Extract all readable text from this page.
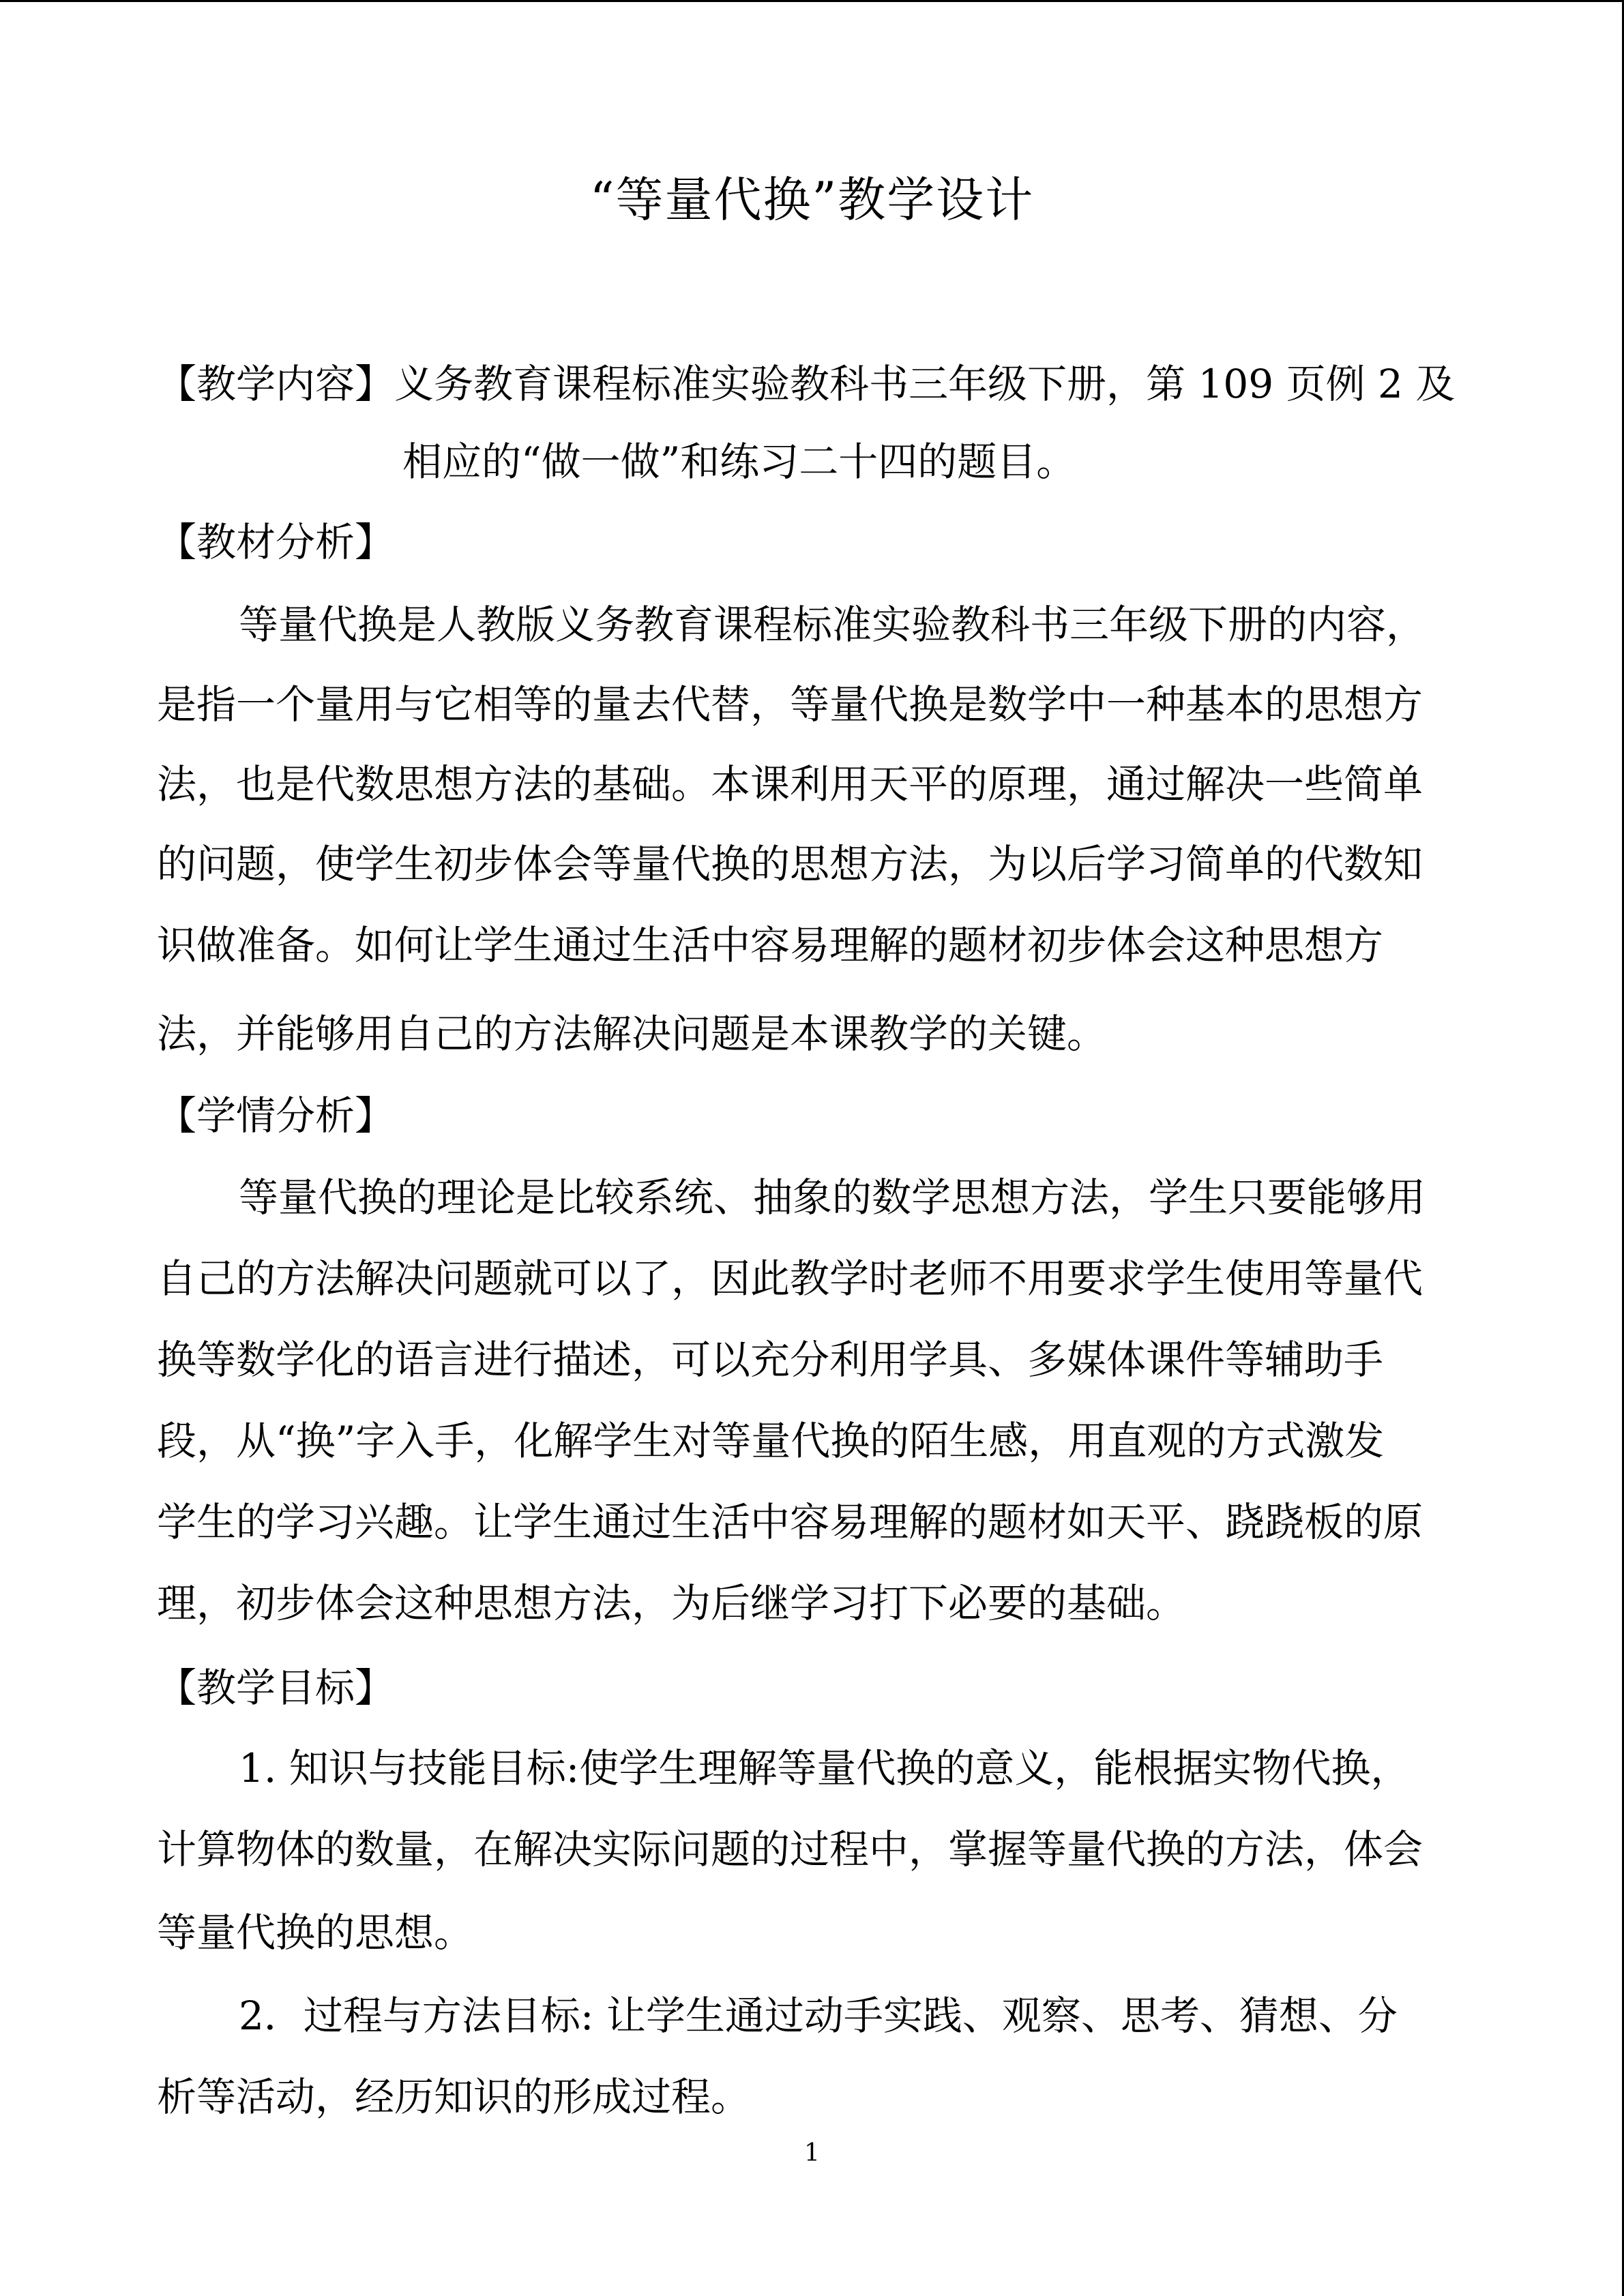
“等量代换”教学设计
【教学内容】义务教育课程标准实验教科书三年级下册，第 109 页例 2 及
相应的“做一做”和练习二十四的题目。
【教材分析】
等量代换是人教版义务教育课程标准实验教科书三年级下册的内容，
是指一个量用与它相等的量去代替，等量代换是数学中一种基本的思想方
法，也是代数思想方法的基础。本课利用天平的原理，通过解决一些简单
的问题，使学生初步体会等量代换的思想方法，为以后学习简单的代数知
识做准备。如何让学生通过生活中容易理解的题材初步体会这种思想方
法，并能够用自己的方法解决问题是本课教学的关键。
【学情分析】
等量代换的理论是比较系统、抽象的数学思想方法，学生只要能够用
自己的方法解决问题就可以了，因此教学时老师不用要求学生使用等量代
换等数学化的语言进行描述，可以充分利用学具、多媒体课件等辅助手
段，从“换”字入手，化解学生对等量代换的陌生感，用直观的方式激发
学生的学习兴趣。让学生通过生活中容易理解的题材如天平、跷跷板的原
理，初步体会这种思想方法，为后继学习打下必要的基础。
【教学目标】
1. 知识与技能目标:使学生理解等量代换的意义，能根据实物代换，
计算物体的数量，在解决实际问题的过程中，掌握等量代换的方法，体会
等量代换的思想。
2．过程与方法目标: 让学生通过动手实践、观察、思考、猜想、分
析等活动，经历知识的形成过程。
1
